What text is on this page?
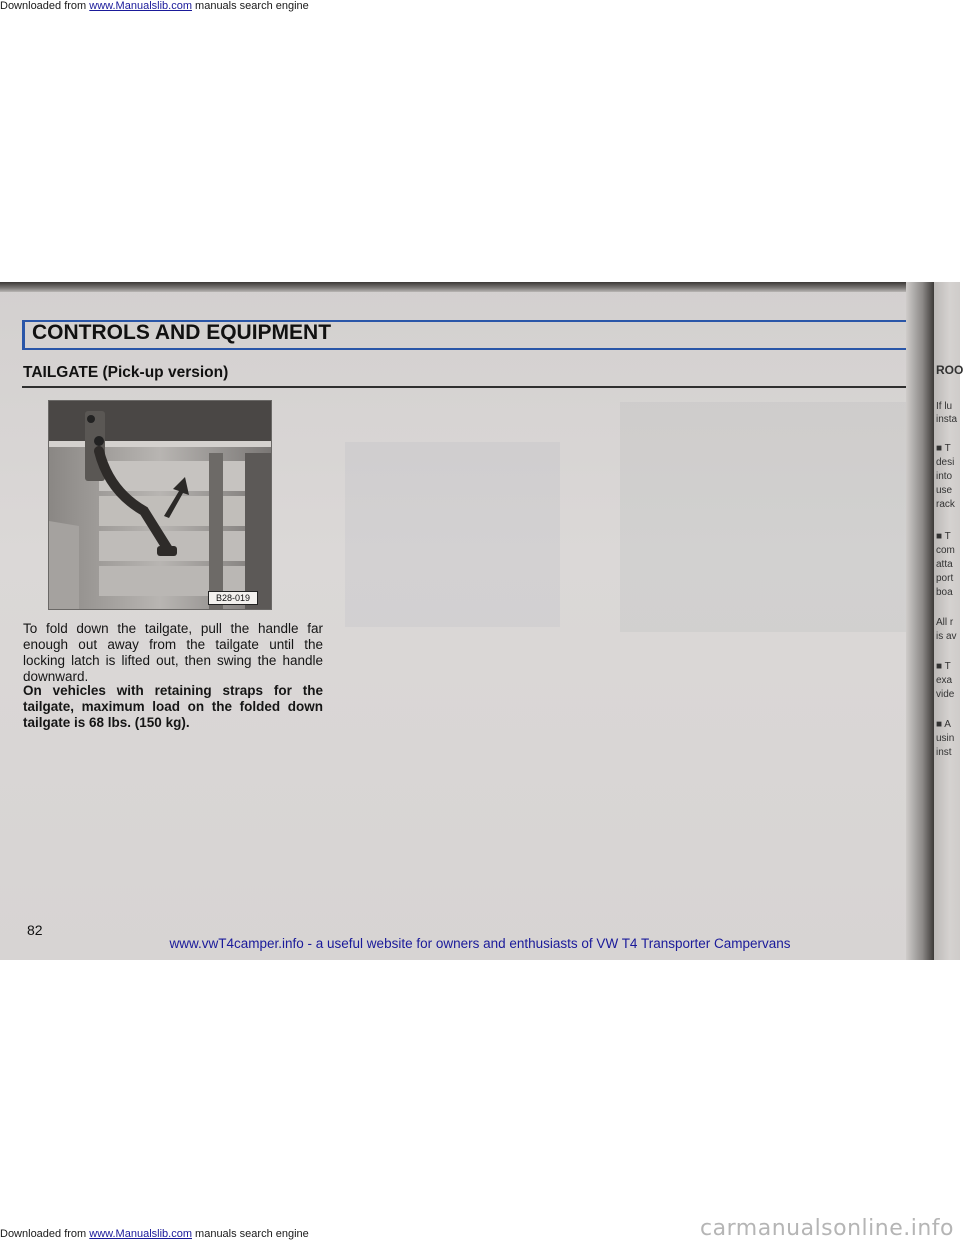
Downloaded from www.Manualslib.com manuals search engine
CONTROLS AND EQUIPMENT
TAILGATE (Pick-up version)
B28-019
To fold down the tailgate, pull the handle far enough out away from the tailgate until the locking latch is lifted out, then swing the handle downward.
On vehicles with retaining straps for the tailgate, maximum load on the folded down tailgate is 68 lbs. (150 kg).
82
ROO
If lu
insta
■ T
desi
into
use
rack
■ T
com
atta
port
boa
All r
is av
■ T
exa
vide
■ A
usin
inst
www.vwT4camper.info - a useful website for owners and enthusiasts of VW T4 Transporter Campervans
Downloaded from www.Manualslib.com manuals search engine	carmanualsonline.info
